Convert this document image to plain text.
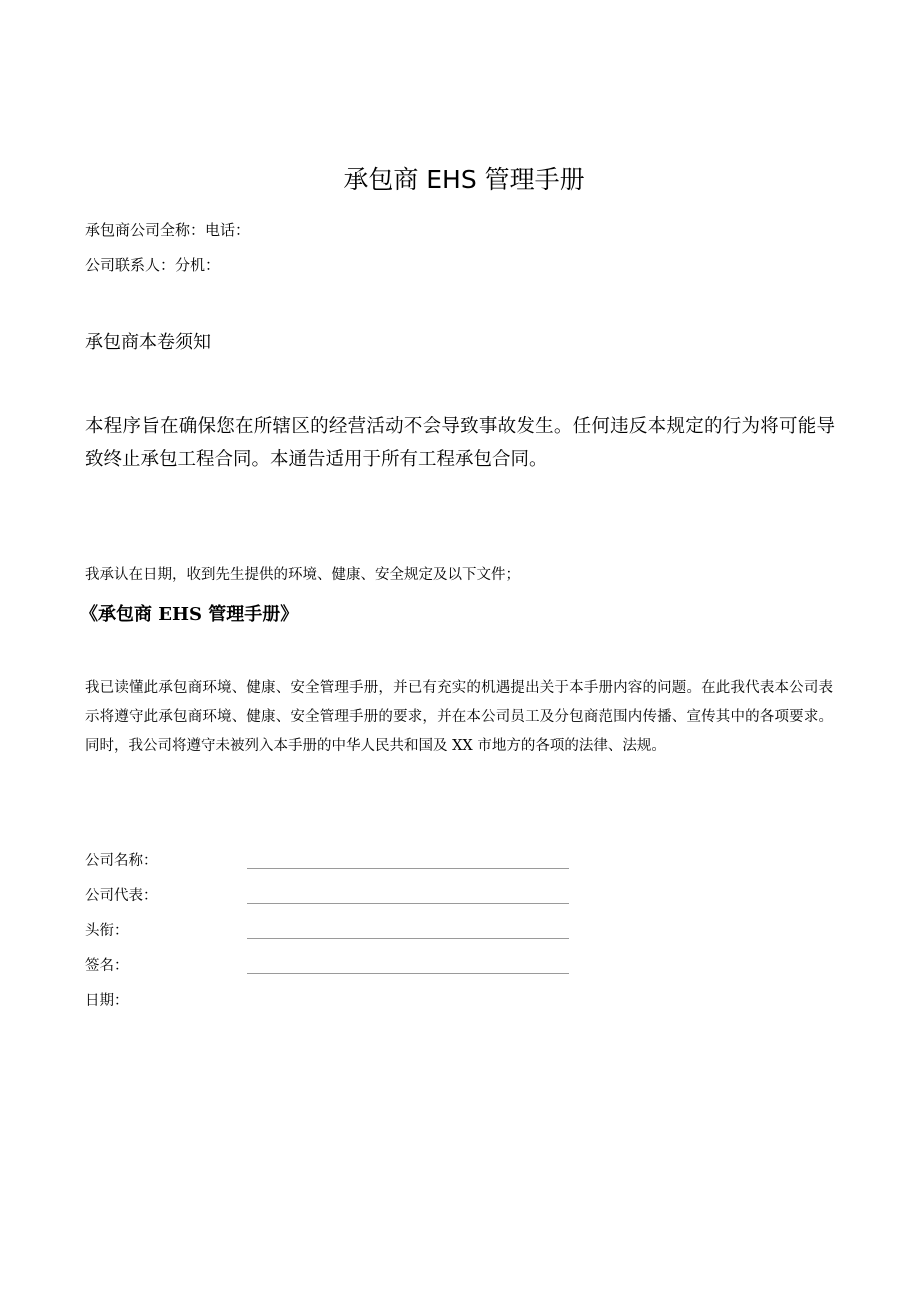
承包商 EHS 管理手册
承包商公司全称：电话：
公司联系人：分机：
承包商本卷须知
本程序旨在确保您在所辖区的经营活动不会导致事故发生。任何违反本规定的行为将可能导致终止承包工程合同。本通告适用于所有工程承包合同。
我承认在日期，收到先生提供的环境、健康、安全规定及以下文件；
《承包商 EHS 管理手册》
我已读懂此承包商环境、健康、安全管理手册，并已有充实的机遇提出关于本手册内容的问题。在此我代表本公司表示将遵守此承包商环境、健康、安全管理手册的要求，并在本公司员工及分包商范围内传播、宣传其中的各项要求。同时，我公司将遵守未被列入本手册的中华人民共和国及 XX 市地方的各项的法律、法规。
公司名称：
公司代表：
头衔：
签名：
日期：
